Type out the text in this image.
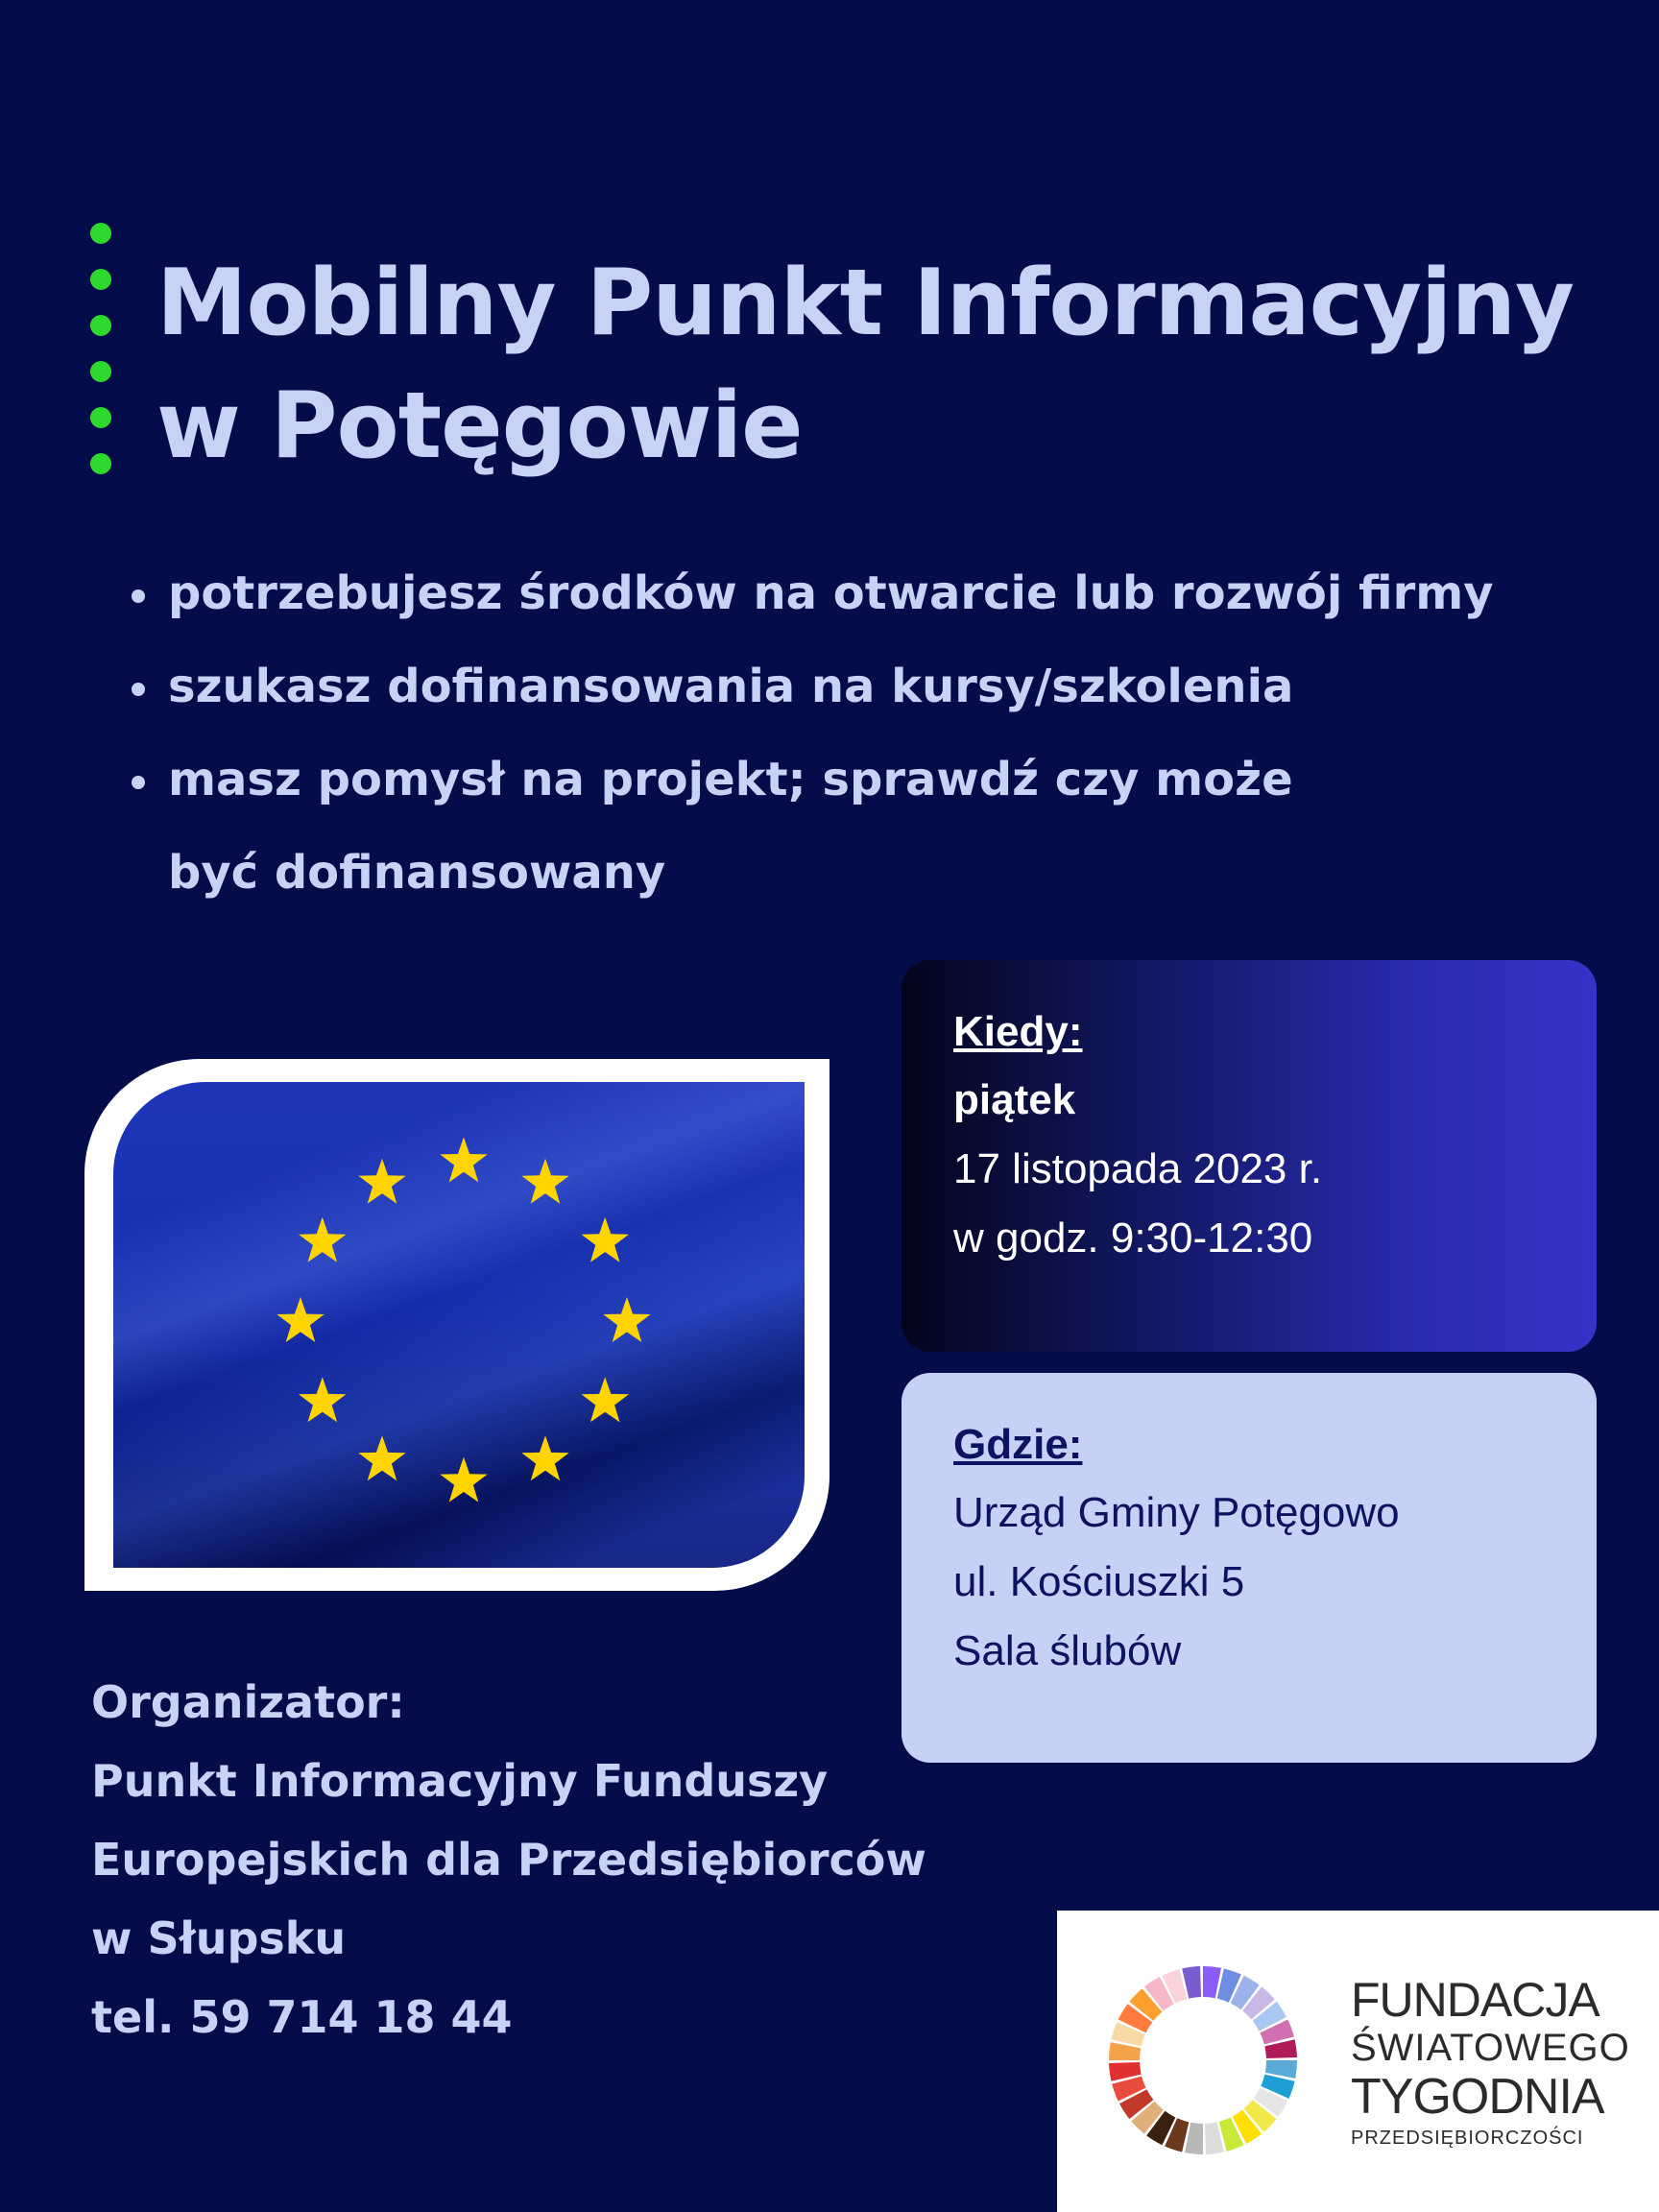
Mobilny Punkt Informacyjny
w Potęgowie
potrzebujesz środków na otwarcie lub rozwój firmy
szukasz dofinansowania na kursy/szkolenia
masz pomysł na projekt; sprawdź czy może być dofinansowany
Kiedy:
piątek
17 listopada 2023 r.
w godz. 9:30-12:30
Gdzie:
Urząd Gminy Potęgowo
ul. Kościuszki 5
Sala ślubów
Organizator:
Punkt Informacyjny Funduszy
Europejskich dla Przedsiębiorców
w Słupsku
tel. 59 714 18 44	FUNDACJA
ŚWIATOWEGO
TYGODNIA
PRZEDSIĘBIORCZOŚCI
